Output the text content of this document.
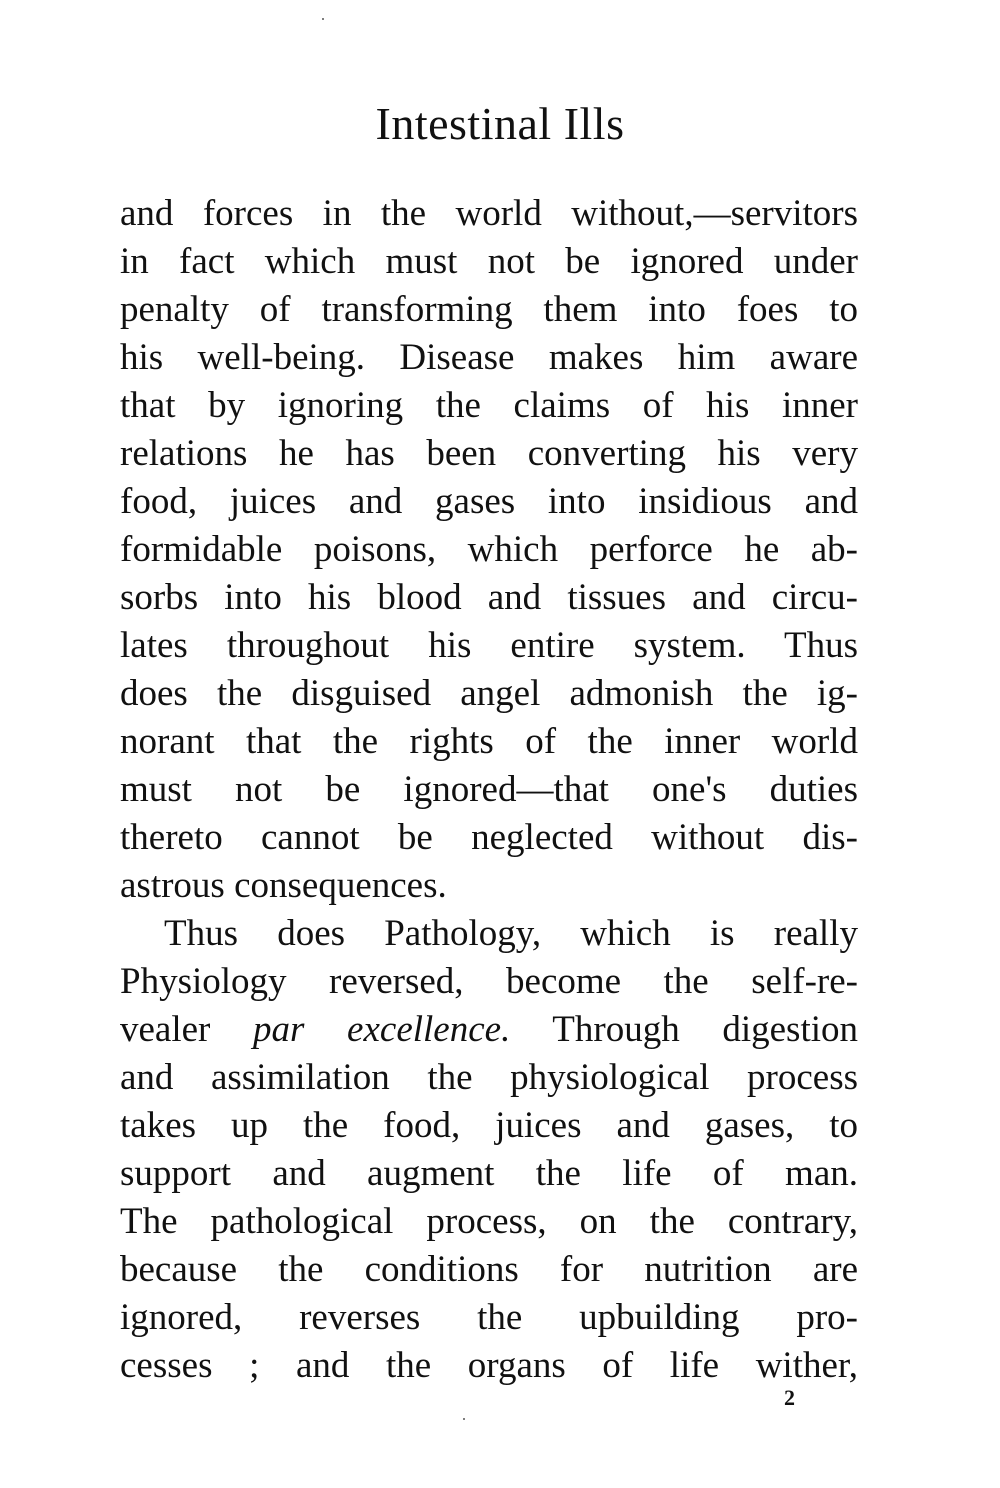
Intestinal Ills
and forces in the world without,—servitors
in fact which must not be ignored under
penalty of transforming them into foes to
his well-being. Disease makes him aware
that by ignoring the claims of his inner
relations he has been converting his very
food, juices and gases into insidious and
formidable poisons, which perforce he ab-
sorbs into his blood and tissues and circu-
lates throughout his entire system. Thus
does the disguised angel admonish the ig-
norant that the rights of the inner world
must not be ignored—that one's duties
thereto cannot be neglected without dis-
astrous consequences.
Thus does Pathology, which is really
Physiology reversed, become the self-re-
vealer par excellence. Through digestion
and assimilation the physiological process
takes up the food, juices and gases, to
support and augment the life of man.
The pathological process, on the contrary,
because the conditions for nutrition are
ignored, reverses the upbuilding pro-
cesses ; and the organs of life wither,
2
